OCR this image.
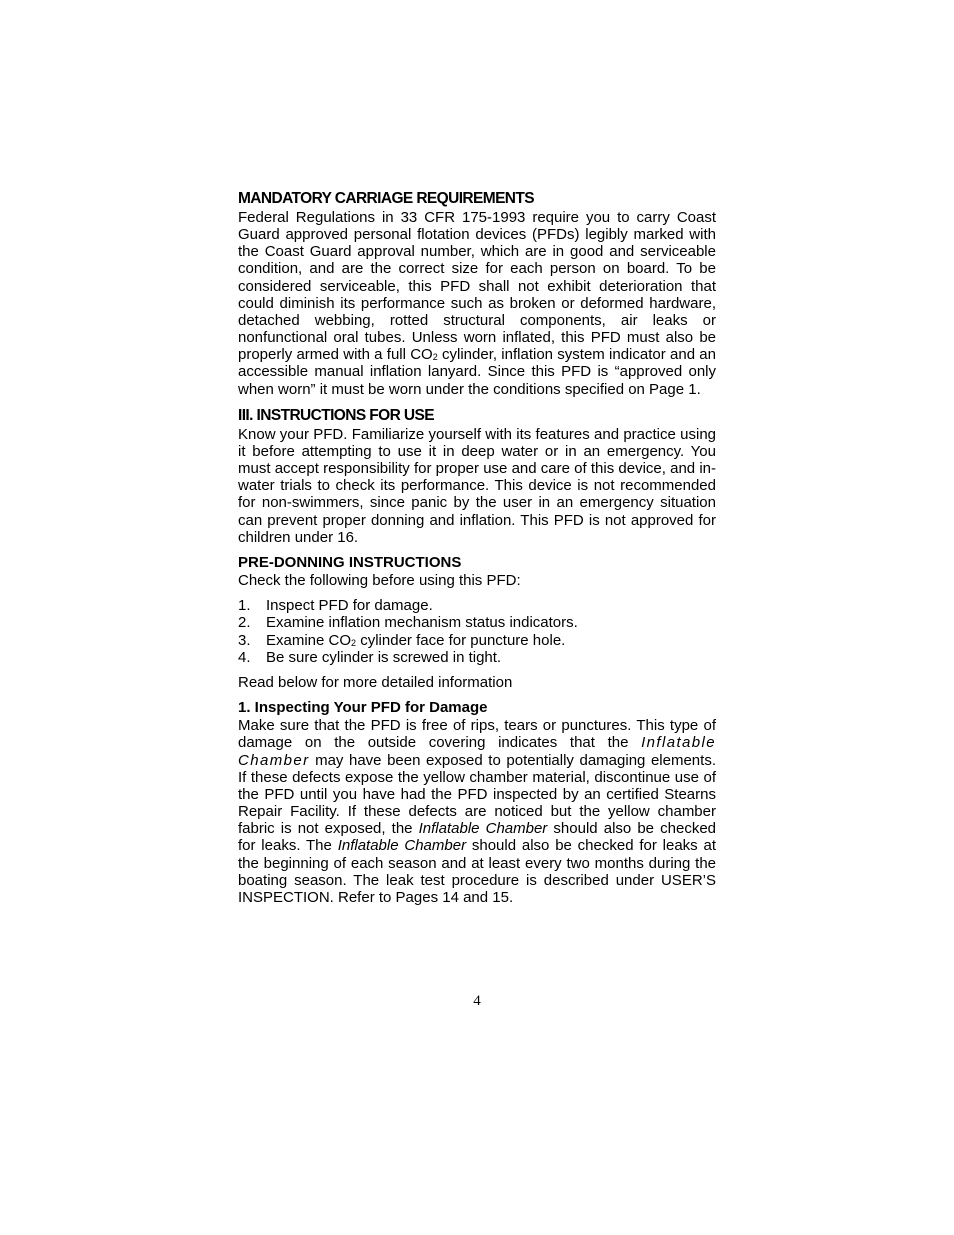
MANDATORY CARRIAGE REQUIREMENTS

Federal Regulations in 33 CFR 175-1993 require you to carry Coast Guard approved personal flotation devices (PFDs) legibly marked with the Coast Guard approval number, which are in good and serviceable condition, and are the correct size for each person on board. To be considered serviceable, this PFD shall not exhibit deterioration that could diminish its performance such as broken or deformed hardware, detached webbing, rotted structural components, air leaks or nonfunctional oral tubes. Unless worn inflated, this PFD must also be properly armed with a full $CO_2$ cylinder, inflation system indicator and an accessible manual inflation lanyard. Since this PFD is “approved only when worn” it must be worn under the conditions specified on Page 1.

III. INSTRUCTIONS FOR USE

Know your PFD. Familiarize yourself with its features and practice using it before attempting to use it in deep water or in an emergency. You must accept responsibility for proper use and care of this device, and in-water trials to check its performance. This device is not recommended for non-swimmers, since panic by the user in an emergency situation can prevent proper donning and inflation. This PFD is not approved for children under 16.

PRE-DONNING INSTRUCTIONS

Check the following before using this PFD:

1.	Inspect PFD for damage.
2.	Examine inflation mechanism status indicators.
3.	Examine $CO_2$ cylinder face for puncture hole.
4.	Be sure cylinder is screwed in tight.

Read below for more detailed information

1. Inspecting Your PFD for Damage

Make sure that the PFD is free of rips, tears or punctures. This type of damage on the outside covering indicates that the Inflatable Chamber may have been exposed to potentially damaging elements. If these defects expose the yellow chamber material, discontinue use of the PFD until you have had the PFD inspected by an certified Stearns Repair Facility. If these defects are noticed but the yellow chamber fabric is not exposed, the Inflatable Chamber should also be checked for leaks. The Inflatable Chamber should also be checked for leaks at the beginning of each season and at least every two months during the boating season. The leak test procedure is described under USER’S INSPECTION. Refer to Pages 14 and 15.

4
